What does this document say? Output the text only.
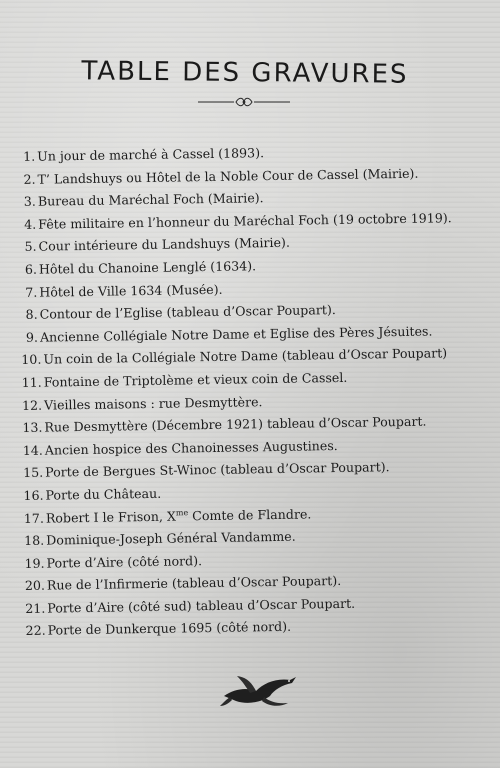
TABLE DES GRAVURES
1. Un jour de marché à Cassel (1893).
2. T’ Landshuys ou Hôtel de la Noble Cour de Cassel (Mairie).
3. Bureau du Maréchal Foch (Mairie).
4. Fête militaire en l’honneur du Maréchal Foch (19 octobre 1919).
5. Cour intérieure du Landshuys (Mairie).
6. Hôtel du Chanoine Lenglé (1634).
7. Hôtel de Ville 1634 (Musée).
8. Contour de l’Eglise (tableau d’Oscar Poupart).
9. Ancienne Collégiale Notre Dame et Eglise des Pères Jésuites.
10. Un coin de la Collégiale Notre Dame (tableau d’Oscar Poupart)
11. Fontaine de Triptolème et vieux coin de Cassel.
12. Vieilles maisons : rue Desmyttère.
13. Rue Desmyttère (Décembre 1921) tableau d’Oscar Poupart.
14. Ancien hospice des Chanoinesses Augustines.
15. Porte de Bergues St-Winoc (tableau d’Oscar Poupart).
16. Porte du Château.
17. Robert I le Frison, $X^{me}$ Comte de Flandre.
18. Dominique-Joseph Général Vandamme.
19. Porte d’Aire (côté nord).
20. Rue de l’Infirmerie (tableau d’Oscar Poupart).
21. Porte d’Aire (côté sud) tableau d’Oscar Poupart.
22. Porte de Dunkerque 1695 (côté nord).
